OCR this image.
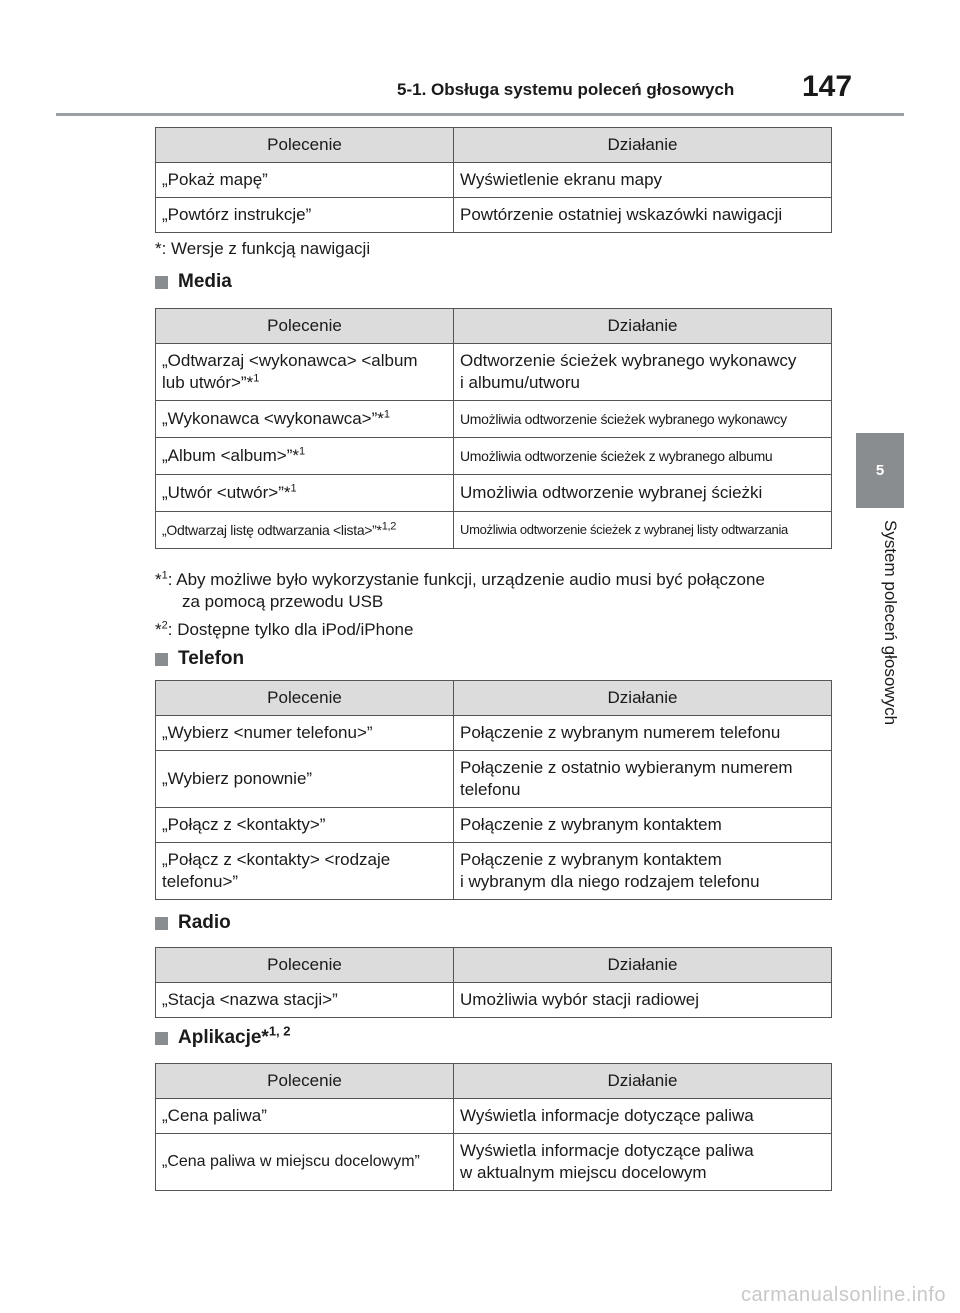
5-1. Obsługa systemu poleceń głosowych 147
5
System poleceń głosowych
Polecenie	Działanie
„Pokaż mapę”	Wyświetlenie ekranu mapy
„Powtórz instrukcje”	Powtórzenie ostatniej wskazówki nawigacji
*: Wersje z funkcją nawigacji
Media
Polecenie	Działanie
„Odtwarzaj <wykonawca> <album
lub utwór>”*$^1$	Odtworzenie ścieżek wybranego wykonawcy
i albumu/utworu
„Wykonawca <wykonawca>”*$^1$	Umożliwia odtworzenie ścieżek wybranego wykonawcy
„Album <album>”*$^1$	Umożliwia odtworzenie ścieżek z wybranego albumu
„Utwór <utwór>”*$^1$	Umożliwia odtworzenie wybranej ścieżki
„Odtwarzaj listę odtwarzania <lista>”*$^{1,2}$	Umożliwia odtworzenie ścieżek z wybranej listy odtwarzania
*$^1$: Aby możliwe było wykorzystanie funkcji, urządzenie audio musi być połączone
za pomocą przewodu USB
*$^2$: Dostępne tylko dla iPod/iPhone
Telefon
Polecenie	Działanie
„Wybierz <numer telefonu>”	Połączenie z wybranym numerem telefonu
„Wybierz ponownie”	Połączenie z ostatnio wybieranym numerem
telefonu
„Połącz z <kontakty>”	Połączenie z wybranym kontaktem
„Połącz z <kontakty> <rodzaje
telefonu>”	Połączenie z wybranym kontaktem
i wybranym dla niego rodzajem telefonu
Radio
Polecenie	Działanie
„Stacja <nazwa stacji>”	Umożliwia wybór stacji radiowej
Aplikacje*$^{1, 2}$
Polecenie	Działanie
„Cena paliwa”	Wyświetla informacje dotyczące paliwa
„Cena paliwa w miejscu docelowym”	Wyświetla informacje dotyczące paliwa
w aktualnym miejscu docelowym
carmanualsonline.info
